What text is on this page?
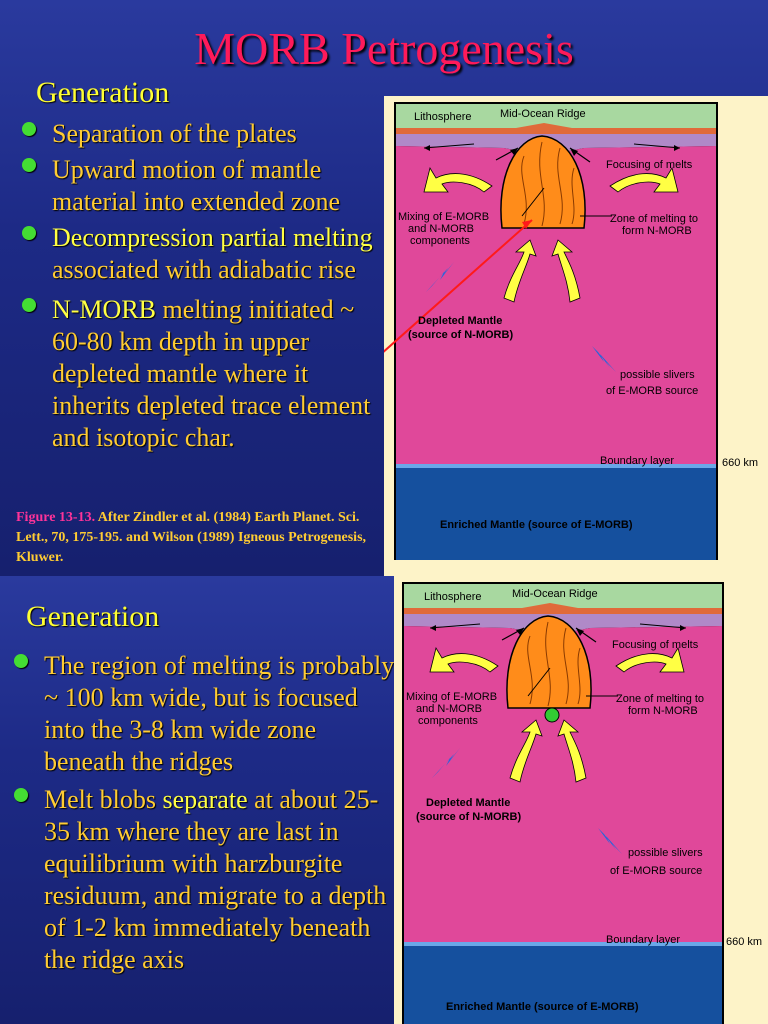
MORB Petrogenesis
Generation
Separation of the plates
Upward motion of mantle material into extended zone
Decompression partial melting associated with adiabatic rise
N-MORB melting initiated ~ 60-80 km depth in upper depleted mantle where it inherits depleted trace element and isotopic char.
Figure 13-13. After Zindler et al. (1984) Earth Planet. Sci. Lett., 70, 175-195. and Wilson (1989) Igneous Petrogenesis, Kluwer.
Lithosphere	Mid-Ocean Ridge
Focusing of melts
Mixing of E-MORB
and N-MORB
components
Zone of melting to
form N-MORB
Depleted Mantle
(source of N-MORB)
possible slivers
of E-MORB source
Boundary layer	660 km
Enriched Mantle (source of E-MORB)
Generation
The region of melting is probably ~ 100 km wide, but is focused into the 3-8 km wide zone beneath the ridges
Melt blobs separate at about 25-35 km where they are last in equilibrium with harzburgite residuum, and migrate to a depth of 1-2 km immediately beneath the ridge axis
Lithosphere	Mid-Ocean Ridge
Focusing of melts
Mixing of E-MORB
and N-MORB
components
Zone of melting to
form N-MORB
Depleted Mantle
(source of N-MORB)
possible slivers
of E-MORB source
Boundary layer	660 km
Enriched Mantle (source of E-MORB)
